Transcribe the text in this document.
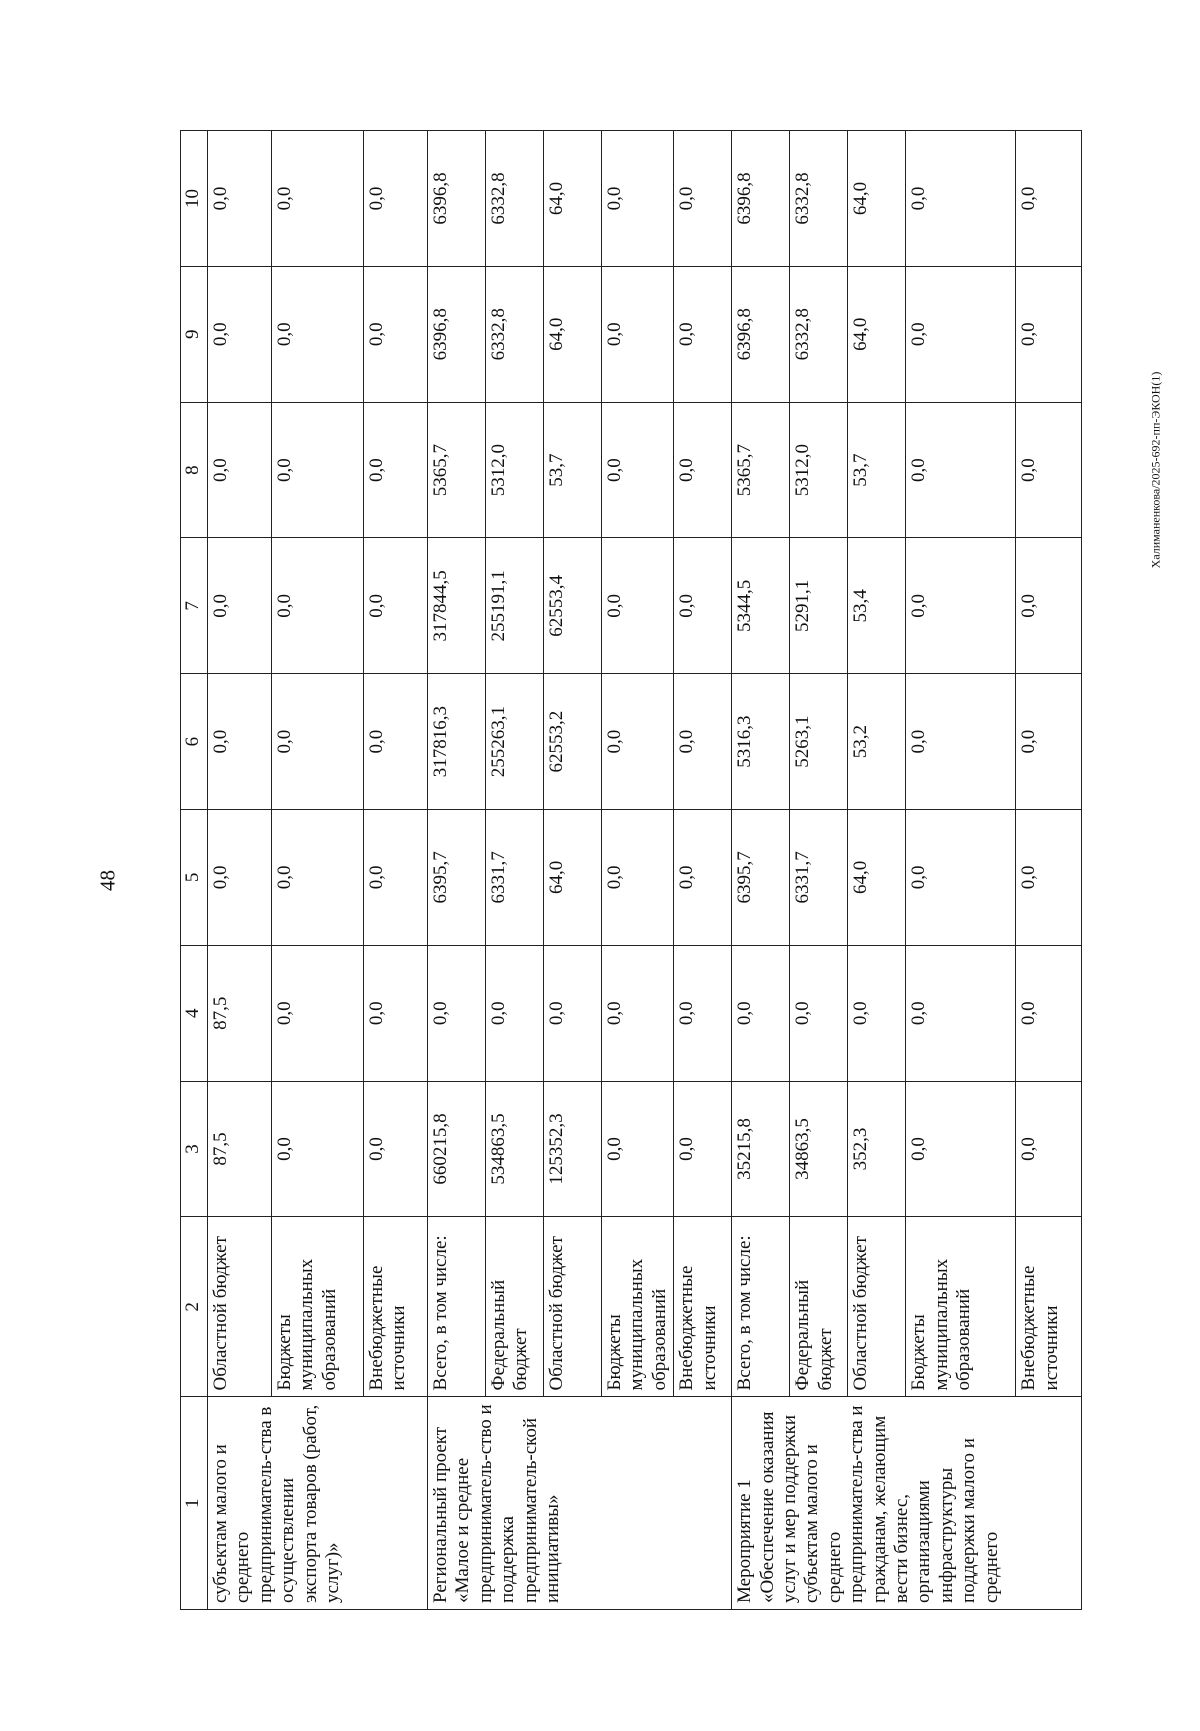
48
Халиманенкова/2025-692-пп-ЭКОН(1)
1	2	3	4	5	6	7	8	9	10
субъектам малого и среднего предприниматель-ства в осуществлении экспорта товаров (работ, услуг)»	Областной бюджет	87,5	87,5	0,0	0,0	0,0	0,0	0,0	0,0
	Бюджеты муниципальных образований	0,0	0,0	0,0	0,0	0,0	0,0	0,0	0,0
	Внебюджетные источники	0,0	0,0	0,0	0,0	0,0	0,0	0,0	0,0
Региональный проект «Малое и среднее предприниматель-ство и поддержка предприниматель-ской инициативы»	Всего, в том числе:	660215,8	0,0	6395,7	317816,3	317844,5	5365,7	6396,8	6396,8
	Федеральный бюджет	534863,5	0,0	6331,7	255263,1	255191,1	5312,0	6332,8	6332,8
	Областной бюджет	125352,3	0,0	64,0	62553,2	62553,4	53,7	64,0	64,0
	Бюджеты муниципальных образований	0,0	0,0	0,0	0,0	0,0	0,0	0,0	0,0
	Внебюджетные источники	0,0	0,0	0,0	0,0	0,0	0,0	0,0	0,0
Мероприятие 1 «Обеспечение оказания услуг и мер поддержки субъектам малого и среднего предприниматель-ства и гражданам, желающим вести бизнес, организациями инфраструктуры поддержки малого и среднего	Всего, в том числе:	35215,8	0,0	6395,7	5316,3	5344,5	5365,7	6396,8	6396,8
	Федеральный бюджет	34863,5	0,0	6331,7	5263,1	5291,1	5312,0	6332,8	6332,8
	Областной бюджет	352,3	0,0	64,0	53,2	53,4	53,7	64,0	64,0
	Бюджеты муниципальных образований	0,0	0,0	0,0	0,0	0,0	0,0	0,0	0,0
	Внебюджетные источники	0,0	0,0	0,0	0,0	0,0	0,0	0,0	0,0
